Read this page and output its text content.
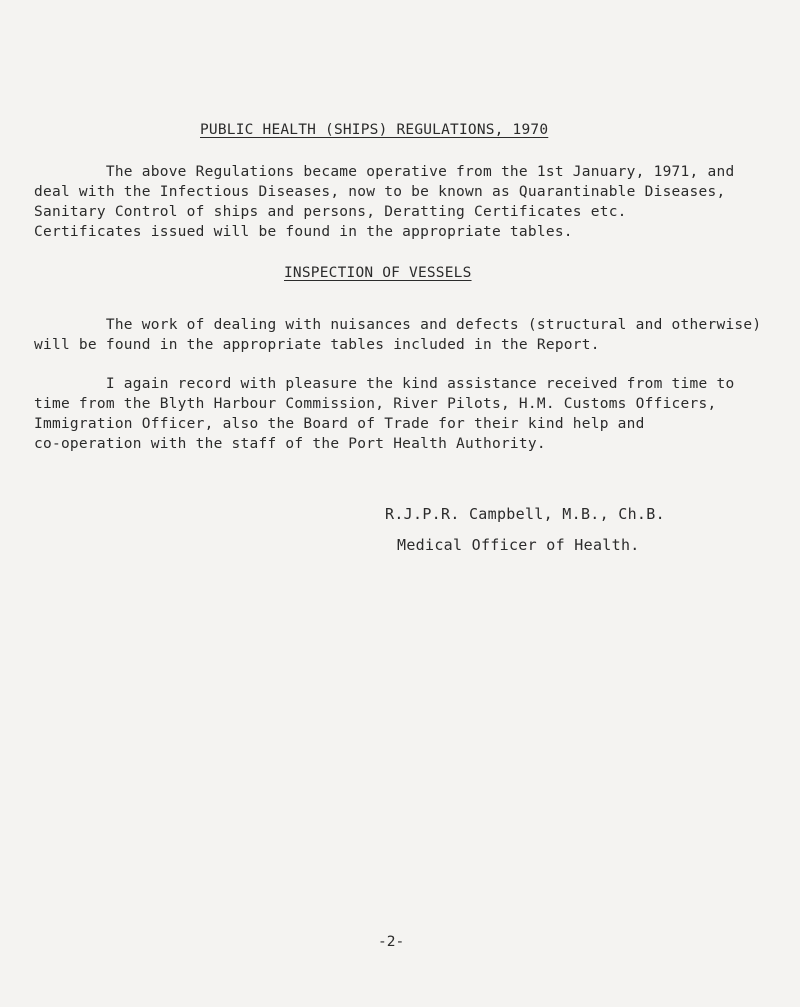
PUBLIC HEALTH (SHIPS) REGULATIONS, 1970
The above Regulations became operative from the 1st January, 1971, and
deal with the Infectious Diseases, now to be known as Quarantinable Diseases,
Sanitary Control of ships and persons, Deratting Certificates etc.
Certificates issued will be found in the appropriate tables.
INSPECTION OF VESSELS
The work of dealing with nuisances and defects (structural and otherwise)
will be found in the appropriate tables included in the Report.
I again record with pleasure the kind assistance received from time to
time from the Blyth Harbour Commission, River Pilots, H.M. Customs Officers,
Immigration Officer, also the Board of Trade for their kind help and
co-operation with the staff of the Port Health Authority.
R.J.P.R. Campbell, M.B., Ch.B.
Medical Officer of Health.
-2-
